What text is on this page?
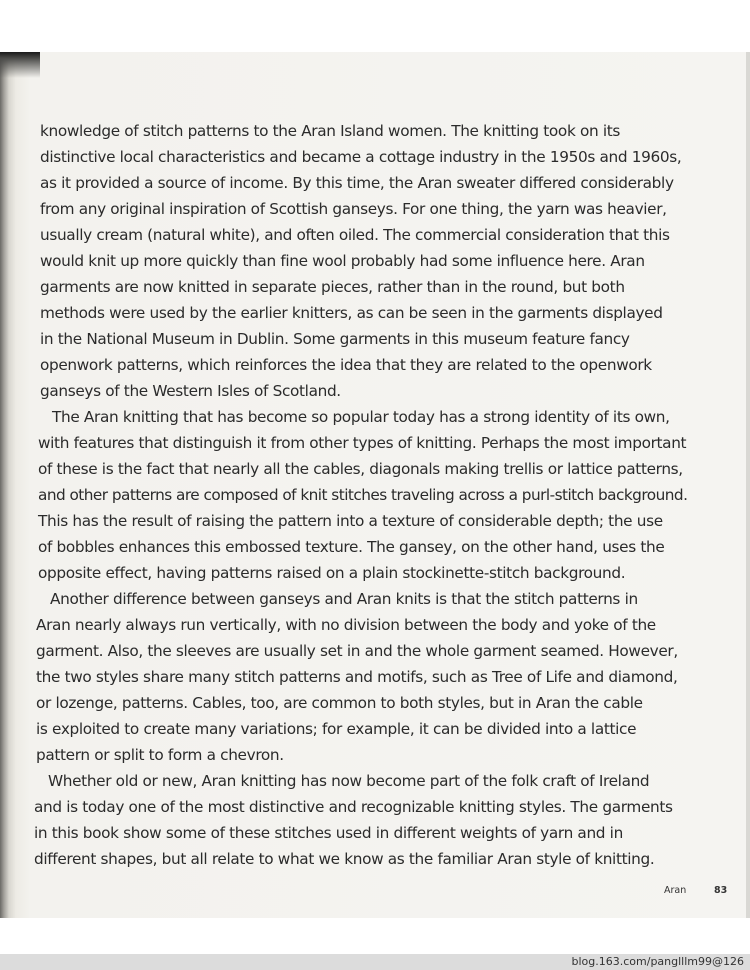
knowledge of stitch patterns to the Aran Island women. The knitting took on its
distinctive local characteristics and became a cottage industry in the 1950s and 1960s,
as it provided a source of income. By this time, the Aran sweater differed considerably
from any original inspiration of Scottish ganseys. For one thing, the yarn was heavier,
usually cream (natural white), and often oiled. The commercial consideration that this
would knit up more quickly than fine wool probably had some influence here. Aran
garments are now knitted in separate pieces, rather than in the round, but both
methods were used by the earlier knitters, as can be seen in the garments displayed
in the National Museum in Dublin. Some garments in this museum feature fancy
openwork patterns, which reinforces the idea that they are related to the openwork
ganseys of the Western Isles of Scotland.
The Aran knitting that has become so popular today has a strong identity of its own,
with features that distinguish it from other types of knitting. Perhaps the most important
of these is the fact that nearly all the cables, diagonals making trellis or lattice patterns,
and other patterns are composed of knit stitches traveling across a purl-stitch background.
This has the result of raising the pattern into a texture of considerable depth; the use
of bobbles enhances this embossed texture. The gansey, on the other hand, uses the
opposite effect, having patterns raised on a plain stockinette-stitch background.
Another difference between ganseys and Aran knits is that the stitch patterns in
Aran nearly always run vertically, with no division between the body and yoke of the
garment. Also, the sleeves are usually set in and the whole garment seamed. However,
the two styles share many stitch patterns and motifs, such as Tree of Life and diamond,
or lozenge, patterns. Cables, too, are common to both styles, but in Aran the cable
is exploited to create many variations; for example, it can be divided into a lattice
pattern or split to form a chevron.
Whether old or new, Aran knitting has now become part of the folk craft of Ireland
and is today one of the most distinctive and recognizable knitting styles. The garments
in this book show some of these stitches used in different weights of yarn and in
different shapes, but all relate to what we know as the familiar Aran style of knitting.
Aran	83
blog.163.com/panglllm99@126
